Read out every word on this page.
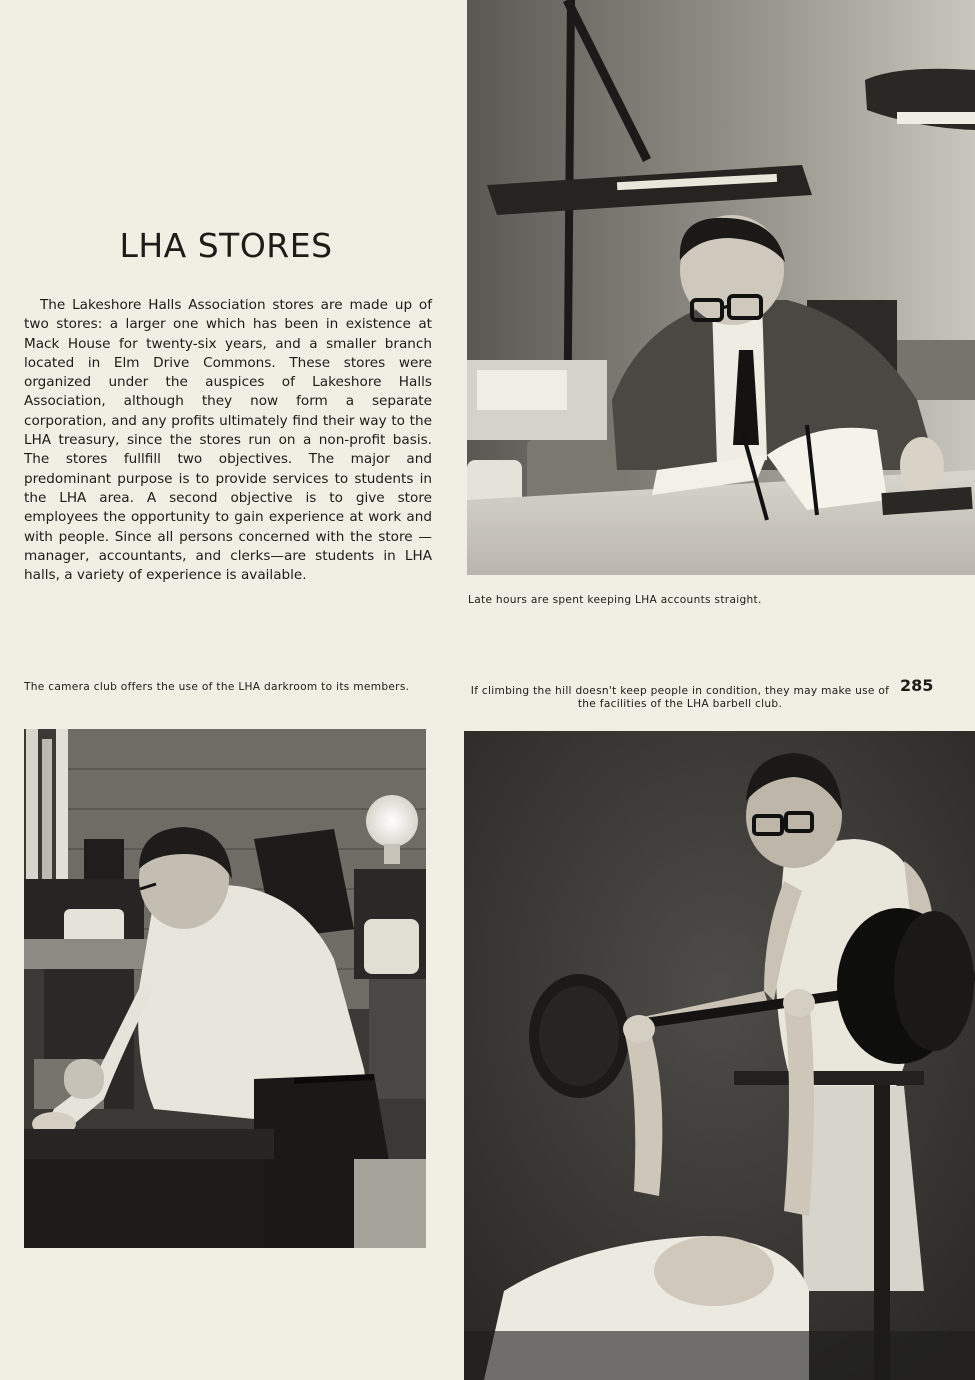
LHA STORES

The Lakeshore Halls Association stores are made up of two stores: a larger one which has been in existence at Mack House for twenty-six years, and a smaller branch located in Elm Drive Commons. These stores were organized under the auspices of Lakeshore Halls Association, although they now form a separate corporation, and any profits ultimately find their way to the LHA treasury, since the stores run on a non-profit basis. The stores fullfill two objectives. The major and predominant purpose is to provide services to students in the LHA area. A second objective is to give store employees the opportunity to gain experience at work and with people. Since all persons concerned with the store —manager, accountants, and clerks—are students in LHA halls, a variety of experience is available.

Late hours are spent keeping LHA accounts straight.
The camera club offers the use of the LHA darkroom to its members.	If climbing the hill doesn't keep people in condition, they may make use of the facilities of the LHA barbell club.
285
